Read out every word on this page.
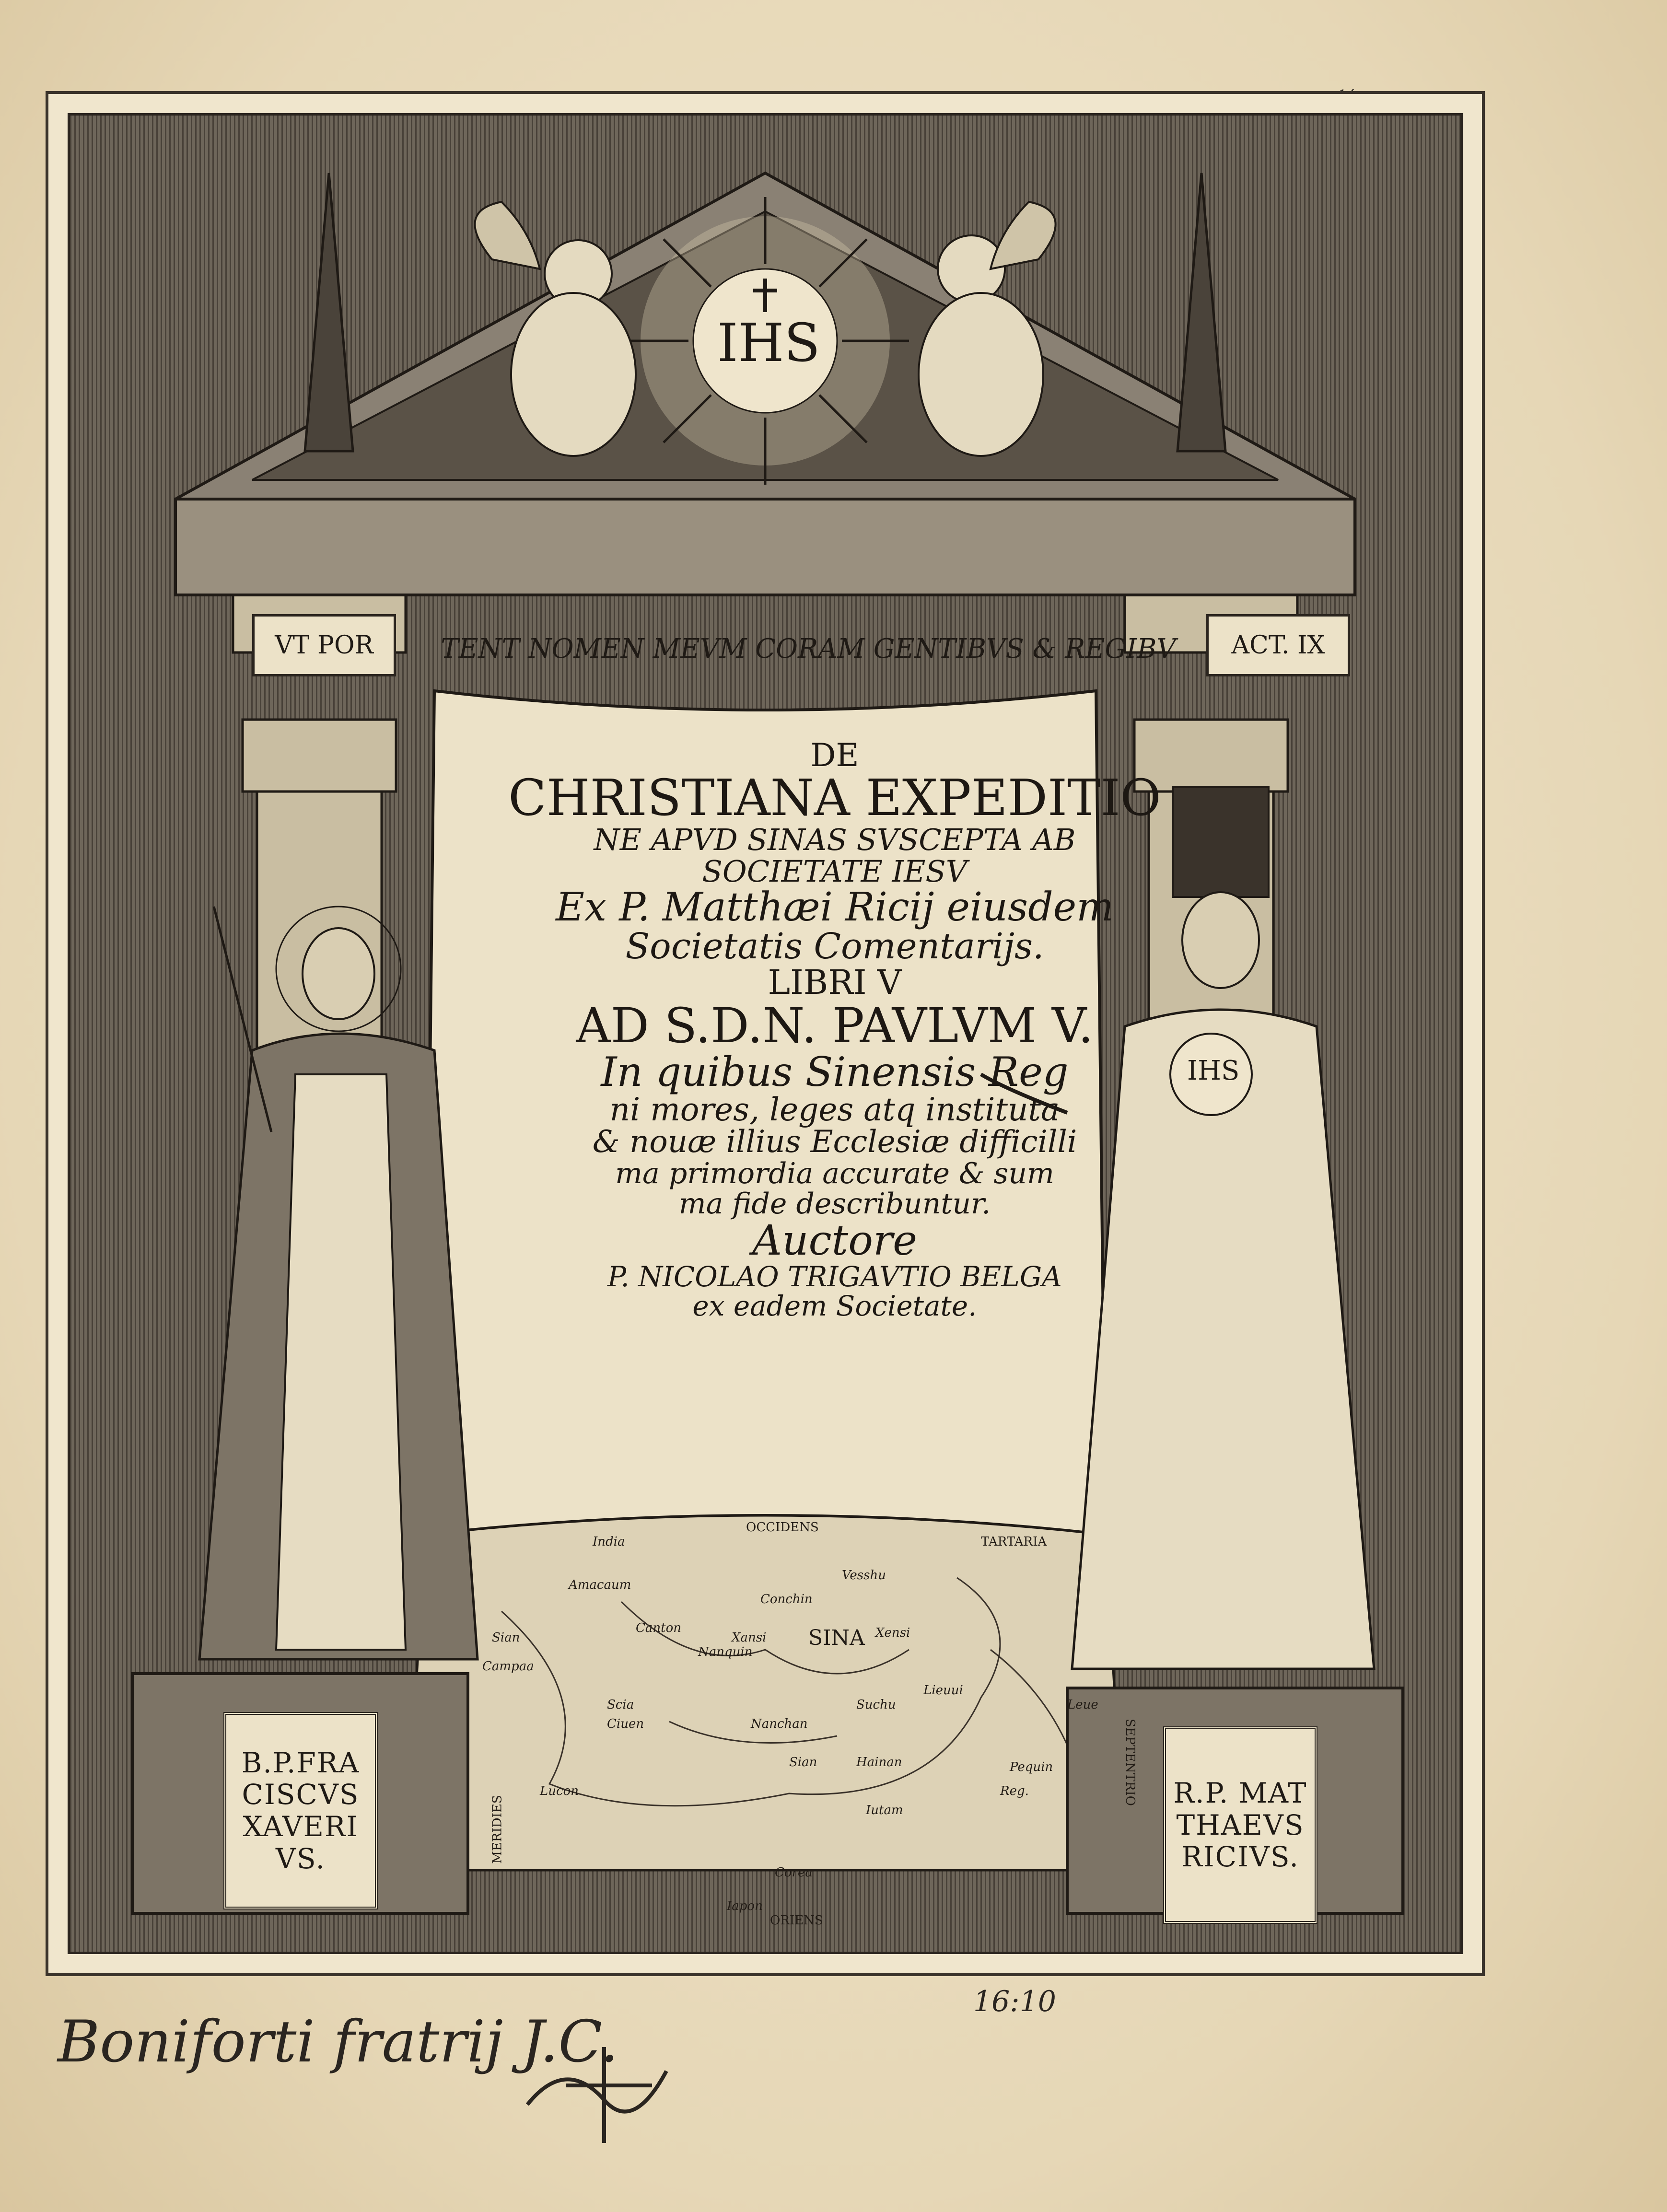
VT POR	TENT NOMEN MEVM CORAM GENTIBVS & REGIBV	ACT. IX
IHS
DE
CHRISTIANA EXPEDITIO
NE APVD SINAS SVSCEPTA AB
SOCIETATE IESV
Ex P. Matthæi Ricij eiusdem
Societatis Comentarijs.
LIBRI V
AD S.D.N. PAVLVM V.
In quibus Sinensis Reg
ni mores, leges atq instituta
& nouæ illius Ecclesiæ difficilli
ma primordia accurate & sum
ma fide describuntur.
Auctore
P. NICOLAO TRIGAVTIO BELGA
ex eadem Societate.
IHS
India
OCCIDENS
TARTARIA
Amacaum
Sian
Campaa
Canton
Conchin
SINA Xensi
Vesshu
Nanquin
Xansi
Scia
Ciuen	Nanchan
Suchu
Lieuui
Hainan
Sian
Iutam
Pequin
Lucon
Corea
Iapon
ORIENS
MERIDIES
SEPTENTRIO
Reg.
Leue
B.P.FRA
CISCVS
XAVERI
VS.
R.P. MAT
THAEVS
RICIVS.
Boniforti fratrij J.C.
16:10
